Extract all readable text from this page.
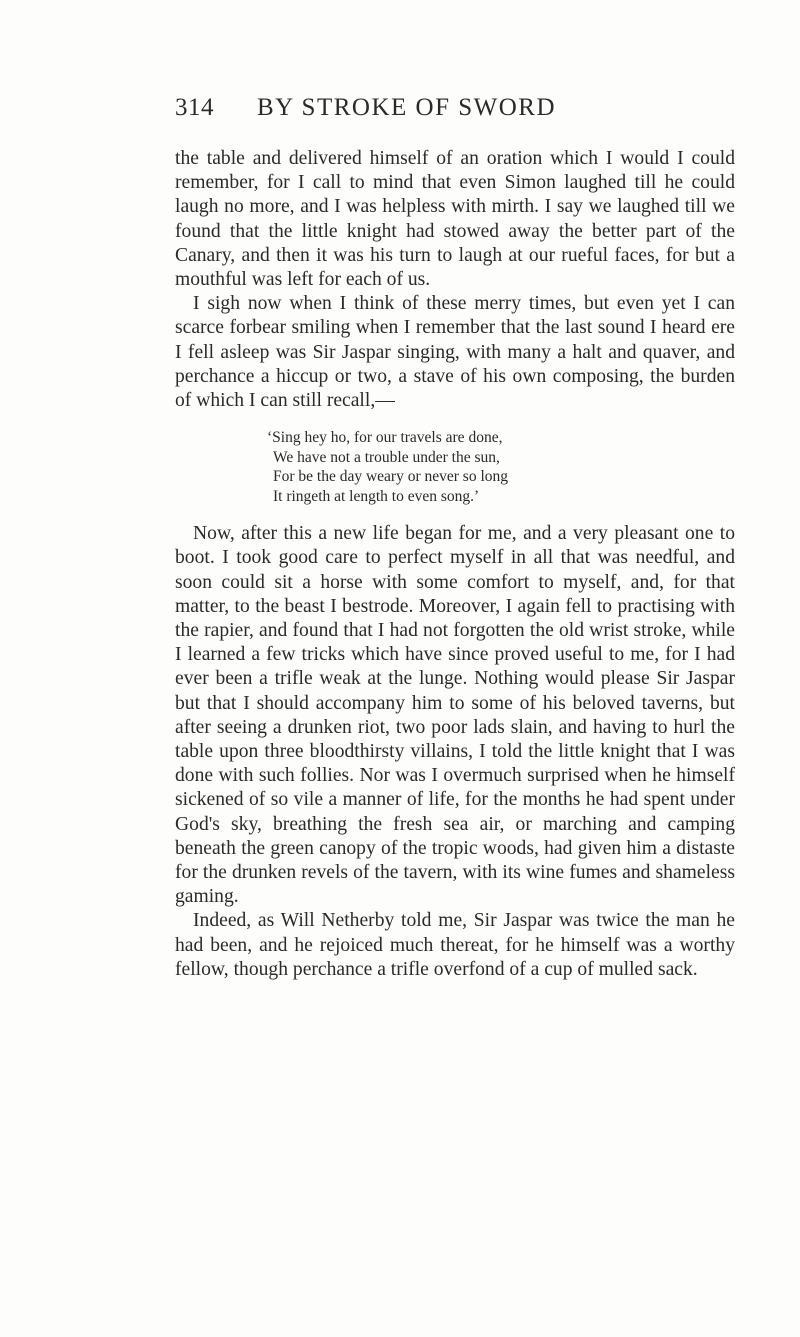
314 BY STROKE OF SWORD

the table and delivered himself of an oration which I would I could remember, for I call to mind that even Simon laughed till he could laugh no more, and I was helpless with mirth. I say we laughed till we found that the little knight had stowed away the better part of the Canary, and then it was his turn to laugh at our rueful faces, for but a mouthful was left for each of us.

I sigh now when I think of these merry times, but even yet I can scarce forbear smiling when I remember that the last sound I heard ere I fell asleep was Sir Jaspar singing, with many a halt and quaver, and perchance a hiccup or two, a stave of his own composing, the burden of which I can still recall,—

‘Sing hey ho, for our travels are done,
We have not a trouble under the sun,
For be the day weary or never so long
It ringeth at length to even song.’

Now, after this a new life began for me, and a very pleasant one to boot. I took good care to perfect myself in all that was needful, and soon could sit a horse with some comfort to myself, and, for that matter, to the beast I bestrode. Moreover, I again fell to practising with the rapier, and found that I had not forgotten the old wrist stroke, while I learned a few tricks which have since proved useful to me, for I had ever been a trifle weak at the lunge. Nothing would please Sir Jaspar but that I should accompany him to some of his beloved taverns, but after seeing a drunken riot, two poor lads slain, and having to hurl the table upon three bloodthirsty villains, I told the little knight that I was done with such follies. Nor was I overmuch surprised when he himself sickened of so vile a manner of life, for the months he had spent under God's sky, breathing the fresh sea air, or marching and camping beneath the green canopy of the tropic woods, had given him a distaste for the drunken revels of the tavern, with its wine fumes and shameless gaming.

Indeed, as Will Netherby told me, Sir Jaspar was twice the man he had been, and he rejoiced much thereat, for he himself was a worthy fellow, though perchance a trifle overfond of a cup of mulled sack.
